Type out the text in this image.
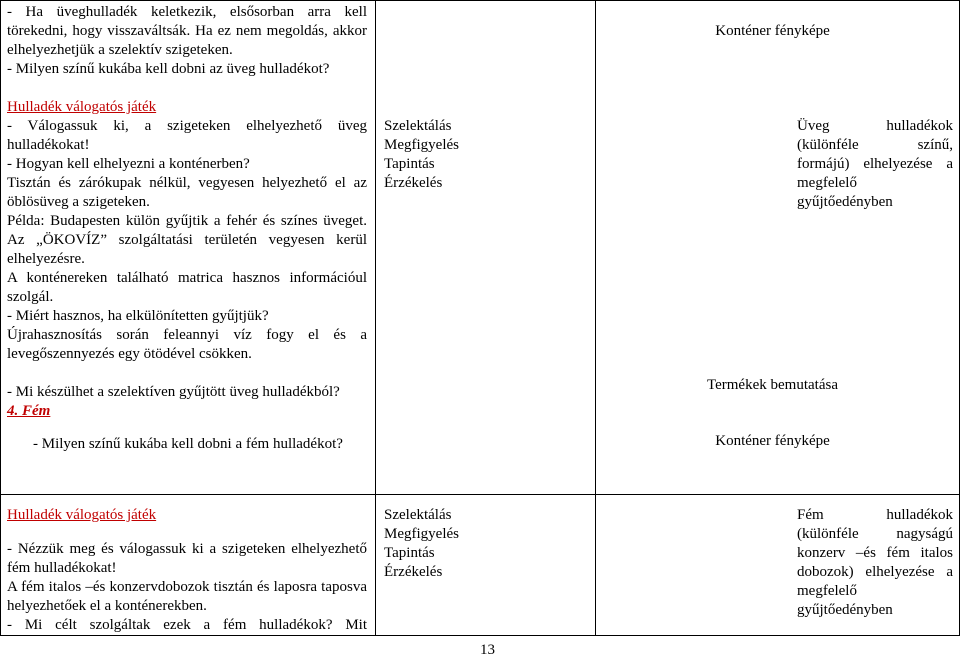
- Ha üveghulladék keletkezik, elsősorban arra kell törekedni, hogy visszaváltsák. Ha ez nem megoldás, akkor elhelyezhetjük a szelektív szigeteken.

- Milyen színű kukába kell dobni az üveg hulladékot?

Hulladék válogatós játék

- Válogassuk ki, a szigeteken elhelyezhető üveg hulladékokat!

- Hogyan kell elhelyezni a konténerben?

Tisztán és zárókupak nélkül, vegyesen helyezhető el az öblösüveg a szigeteken.

Példa: Budapesten külön gyűjtik a fehér és színes üveget. Az „ÖKOVÍZ” szolgáltatási területén vegyesen kerül elhelyezésre.

A konténereken található matrica hasznos információul szolgál.

- Miért hasznos, ha elkülönítetten gyűjtjük?

Újrahasznosítás során feleannyi víz fogy el és a levegőszennyezés egy ötödével csökken.

- Mi készülhet a szelektíven gyűjtött üveg hulladékból?

4. Fém

- Milyen színű kukába kell dobni a fém hulladékot?

Szelektálás

Megfigyelés

Tapintás

Érzékelés

Konténer fényképe

Üveg hulladékok (különféle színű, formájú) elhelyezése a megfelelő gyűjtőedényben

Termékek bemutatása

Konténer fényképe

Hulladék válogatós játék

- Nézzük meg és válogassuk ki a szigeteken elhelyezhető fém hulladékokat!

A fém italos –és konzervdobozok tisztán és laposra taposva helyezhetőek el a konténerekben.

- Mi célt szolgáltak ezek a fém hulladékok? Mit

Szelektálás

Megfigyelés

Tapintás

Érzékelés

Fém hulladékok (különféle nagyságú konzerv –és fém italos dobozok) elhelyezése a megfelelő gyűjtőedényben

13
